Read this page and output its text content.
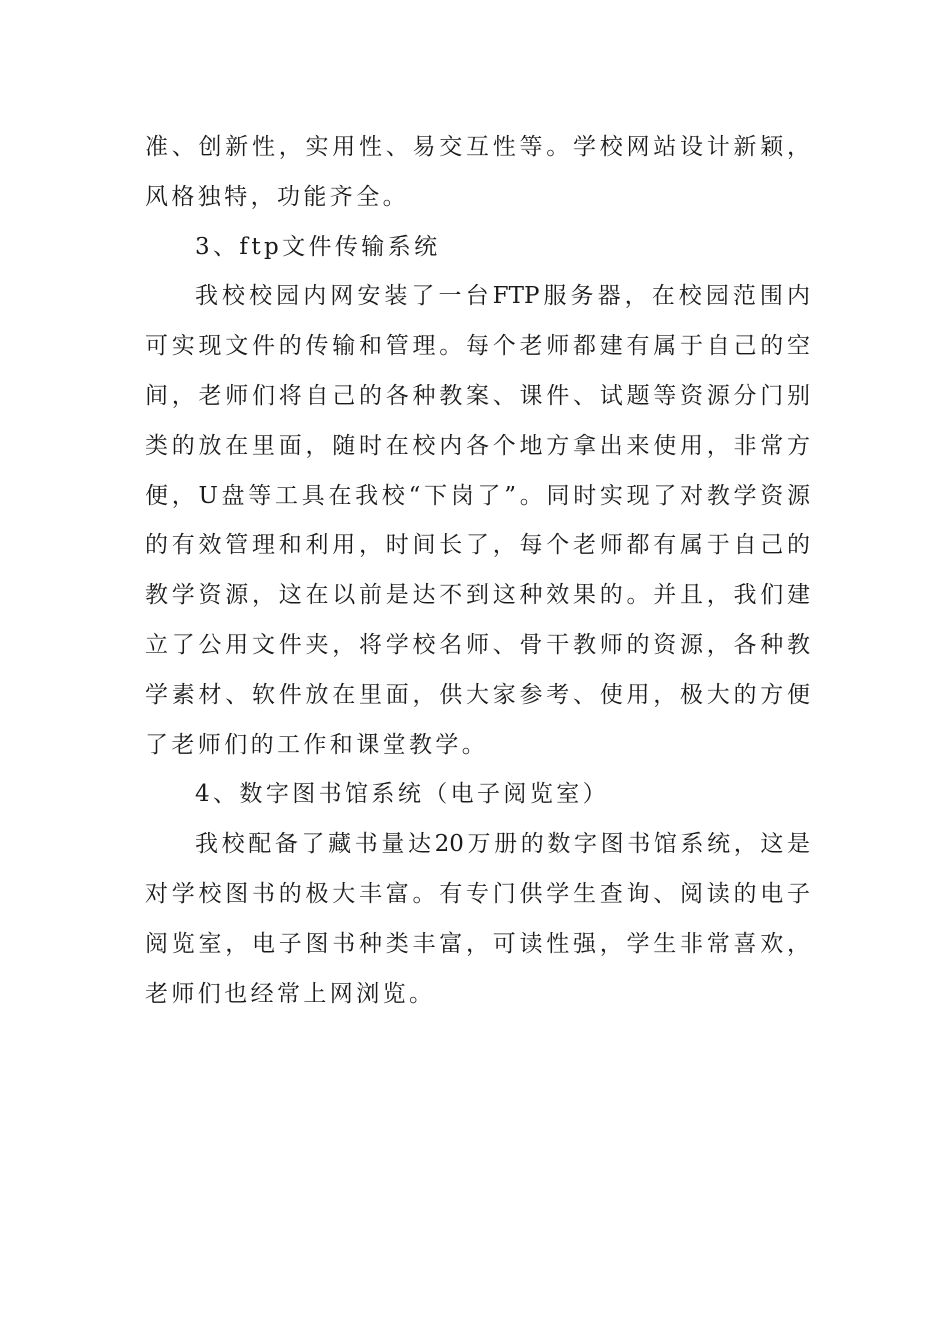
准、创新性，实用性、易交互性等。学校网站设计新颖，
风格独特，功能齐全。
3、ftp文件传输系统
我校校园内网安装了一台FTP服务器，在校园范围内
可实现文件的传输和管理。每个老师都建有属于自己的空
间，老师们将自己的各种教案、课件、试题等资源分门别
类的放在里面，随时在校内各个地方拿出来使用，非常方
便，U盘等工具在我校“下岗了”。同时实现了对教学资源
的有效管理和利用，时间长了，每个老师都有属于自己的
教学资源，这在以前是达不到这种效果的。并且，我们建
立了公用文件夹，将学校名师、骨干教师的资源，各种教
学素材、软件放在里面，供大家参考、使用，极大的方便
了老师们的工作和课堂教学。
4、数字图书馆系统（电子阅览室）
我校配备了藏书量达20万册的数字图书馆系统，这是
对学校图书的极大丰富。有专门供学生查询、阅读的电子
阅览室，电子图书种类丰富，可读性强，学生非常喜欢，
老师们也经常上网浏览。
